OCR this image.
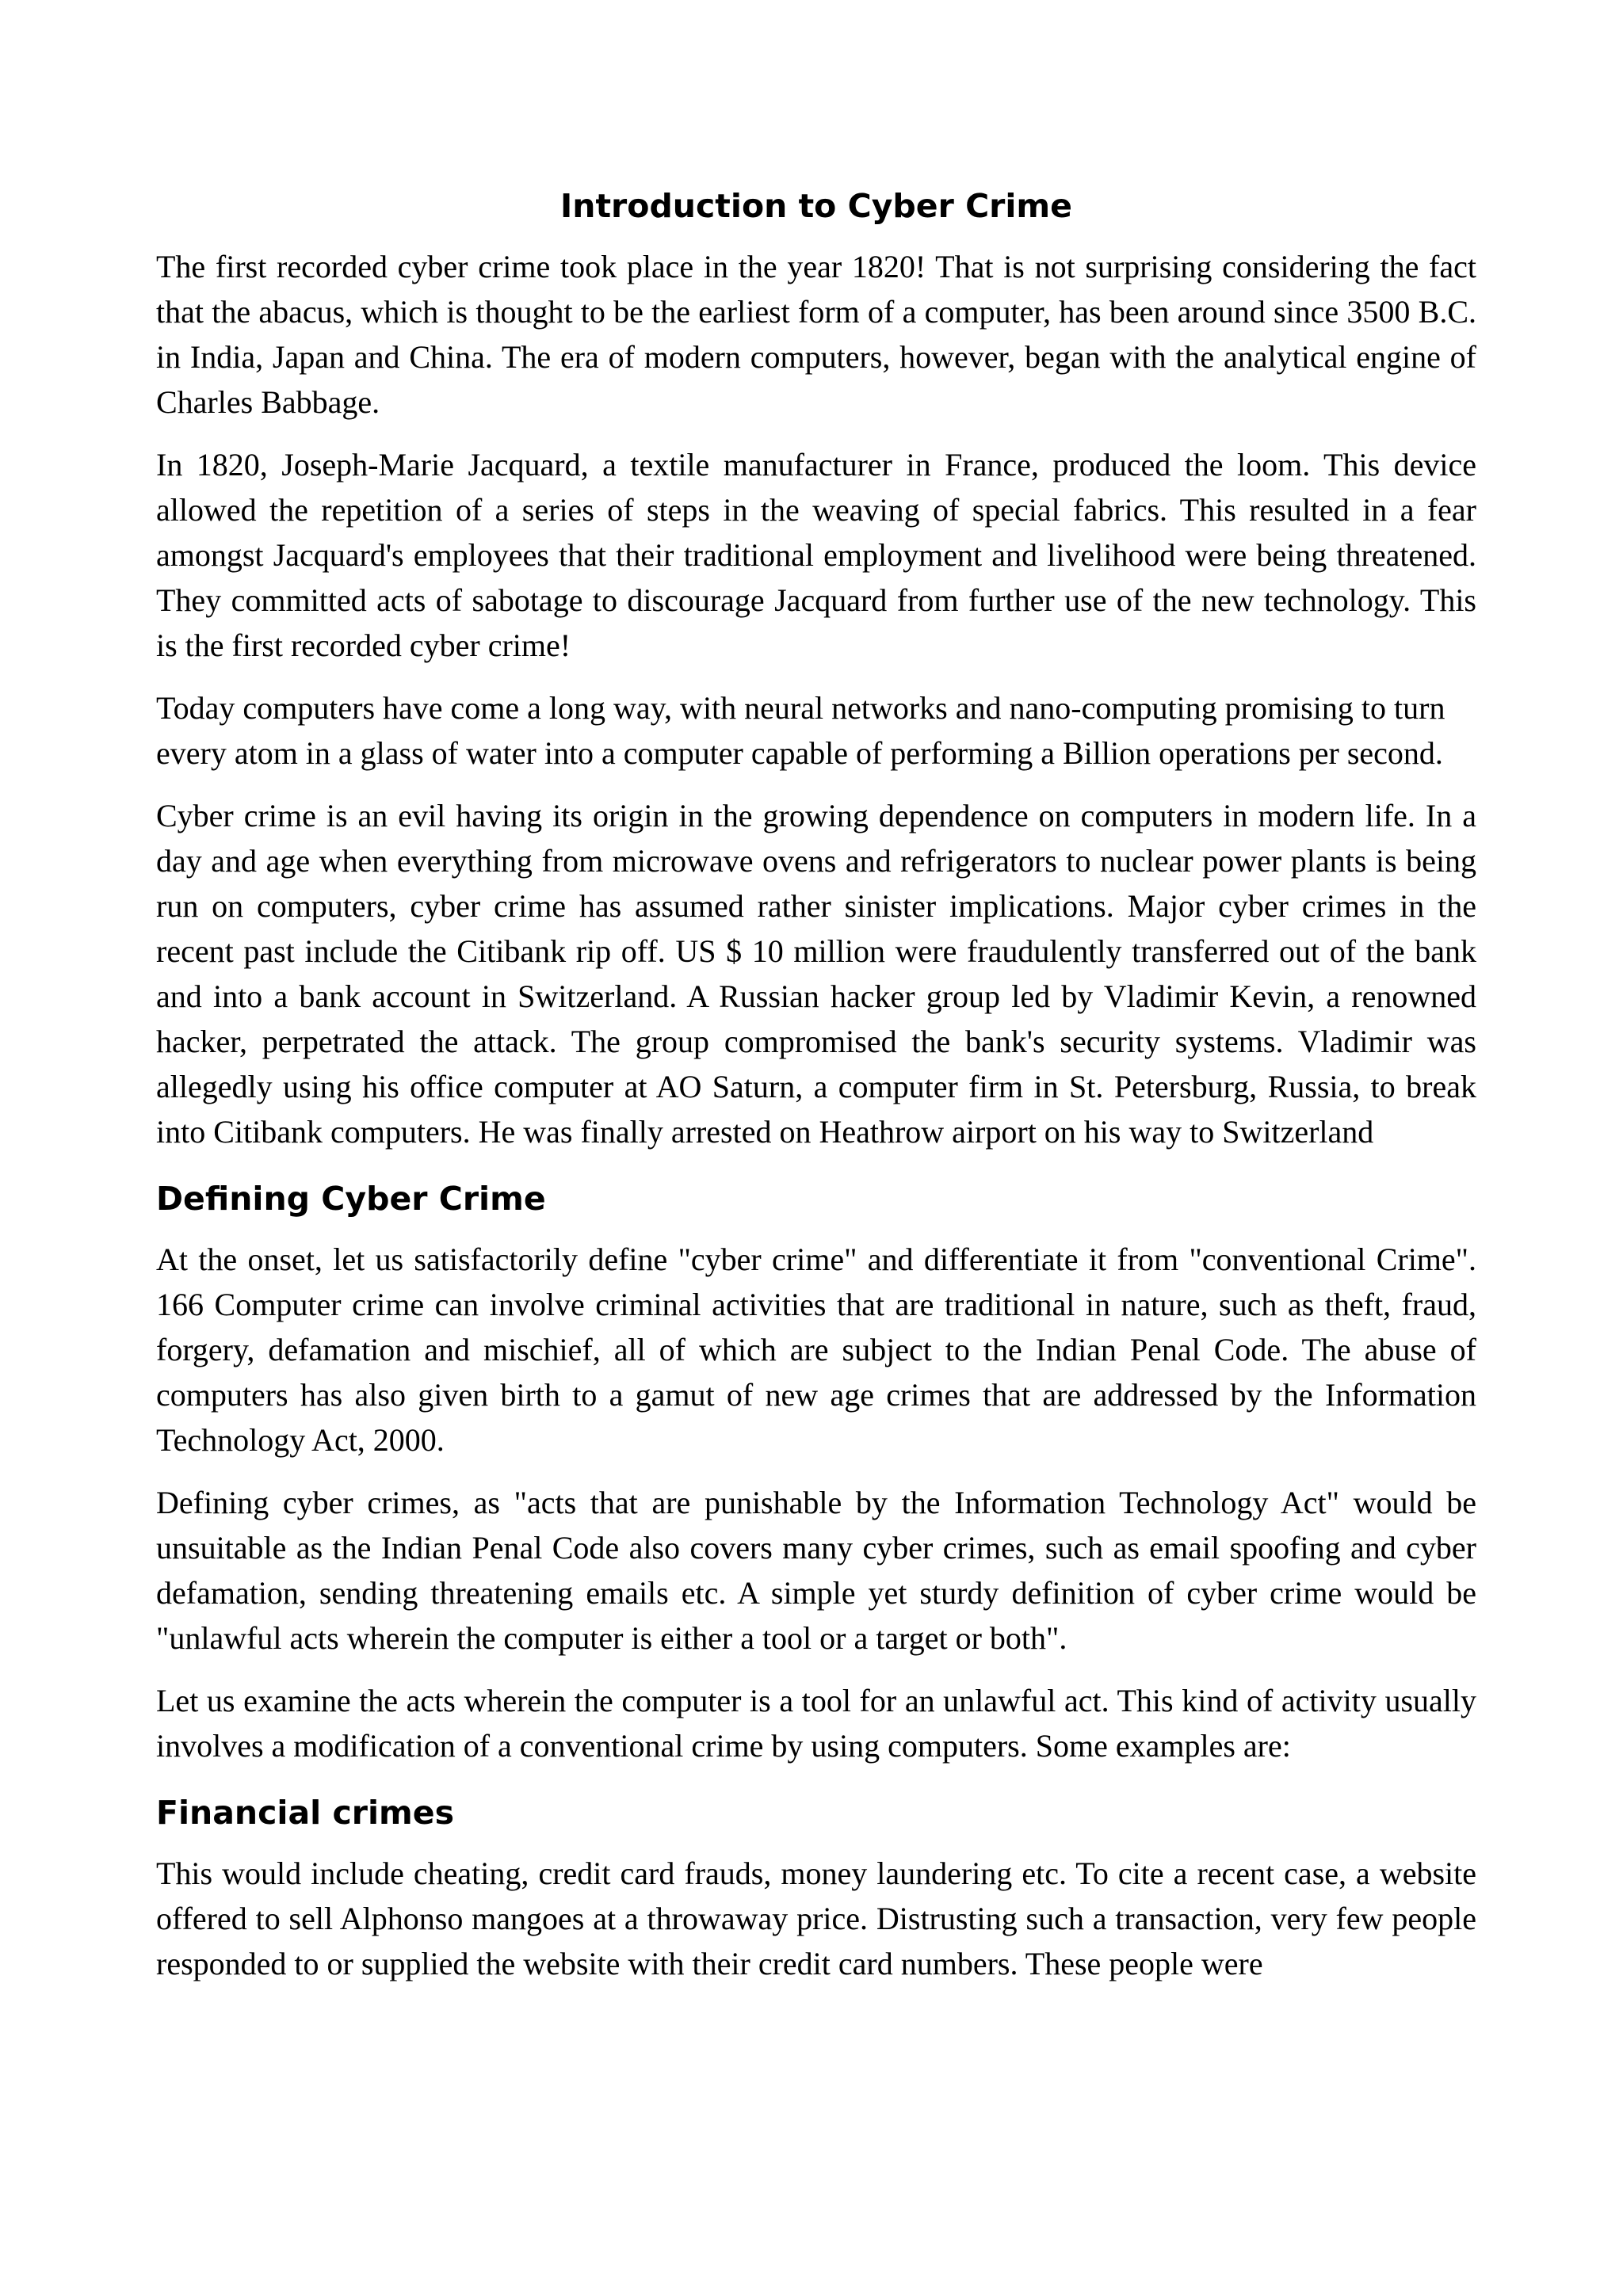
Introduction to Cyber Crime

The first recorded cyber crime took place in the year 1820! That is not surprising considering the fact that the abacus, which is thought to be the earliest form of a computer, has been around since 3500 B.C. in India, Japan and China. The era of modern computers, however, began with the analytical engine of Charles Babbage.

In 1820, Joseph-Marie Jacquard, a textile manufacturer in France, produced the loom. This device allowed the repetition of a series of steps in the weaving of special fabrics. This resulted in a fear amongst Jacquard's employees that their traditional employment and livelihood were being threatened. They committed acts of sabotage to discourage Jacquard from further use of the new technology. This is the first recorded cyber crime!

Today computers have come a long way, with neural networks and nano-computing promising to turn every atom in a glass of water into a computer capable of performing a Billion operations per second.

Cyber crime is an evil having its origin in the growing dependence on computers in modern life. In a day and age when everything from microwave ovens and refrigerators to nuclear power plants is being run on computers, cyber crime has assumed rather sinister implications. Major cyber crimes in the recent past include the Citibank rip off. US $ 10 million were fraudulently transferred out of the bank and into a bank account in Switzerland. A Russian hacker group led by Vladimir Kevin, a renowned hacker, perpetrated the attack. The group compromised the bank's security systems. Vladimir was allegedly using his office computer at AO Saturn, a computer firm in St. Petersburg, Russia, to break into Citibank computers. He was finally arrested on Heathrow airport on his way to Switzerland

Defining Cyber Crime

At the onset, let us satisfactorily define "cyber crime" and differentiate it from "conventional Crime". 166 Computer crime can involve criminal activities that are traditional in nature, such as theft, fraud, forgery, defamation and mischief, all of which are subject to the Indian Penal Code. The abuse of computers has also given birth to a gamut of new age crimes that are addressed by the Information Technology Act, 2000.

Defining cyber crimes, as "acts that are punishable by the Information Technology Act" would be unsuitable as the Indian Penal Code also covers many cyber crimes, such as email spoofing and cyber defamation, sending threatening emails etc. A simple yet sturdy definition of cyber crime would be "unlawful acts wherein the computer is either a tool or a target or both".

Let us examine the acts wherein the computer is a tool for an unlawful act. This kind of activity usually involves a modification of a conventional crime by using computers. Some examples are:

Financial crimes

This would include cheating, credit card frauds, money laundering etc. To cite a recent case, a website offered to sell Alphonso mangoes at a throwaway price. Distrusting such a transaction, very few people responded to or supplied the website with their credit card numbers. These people were
